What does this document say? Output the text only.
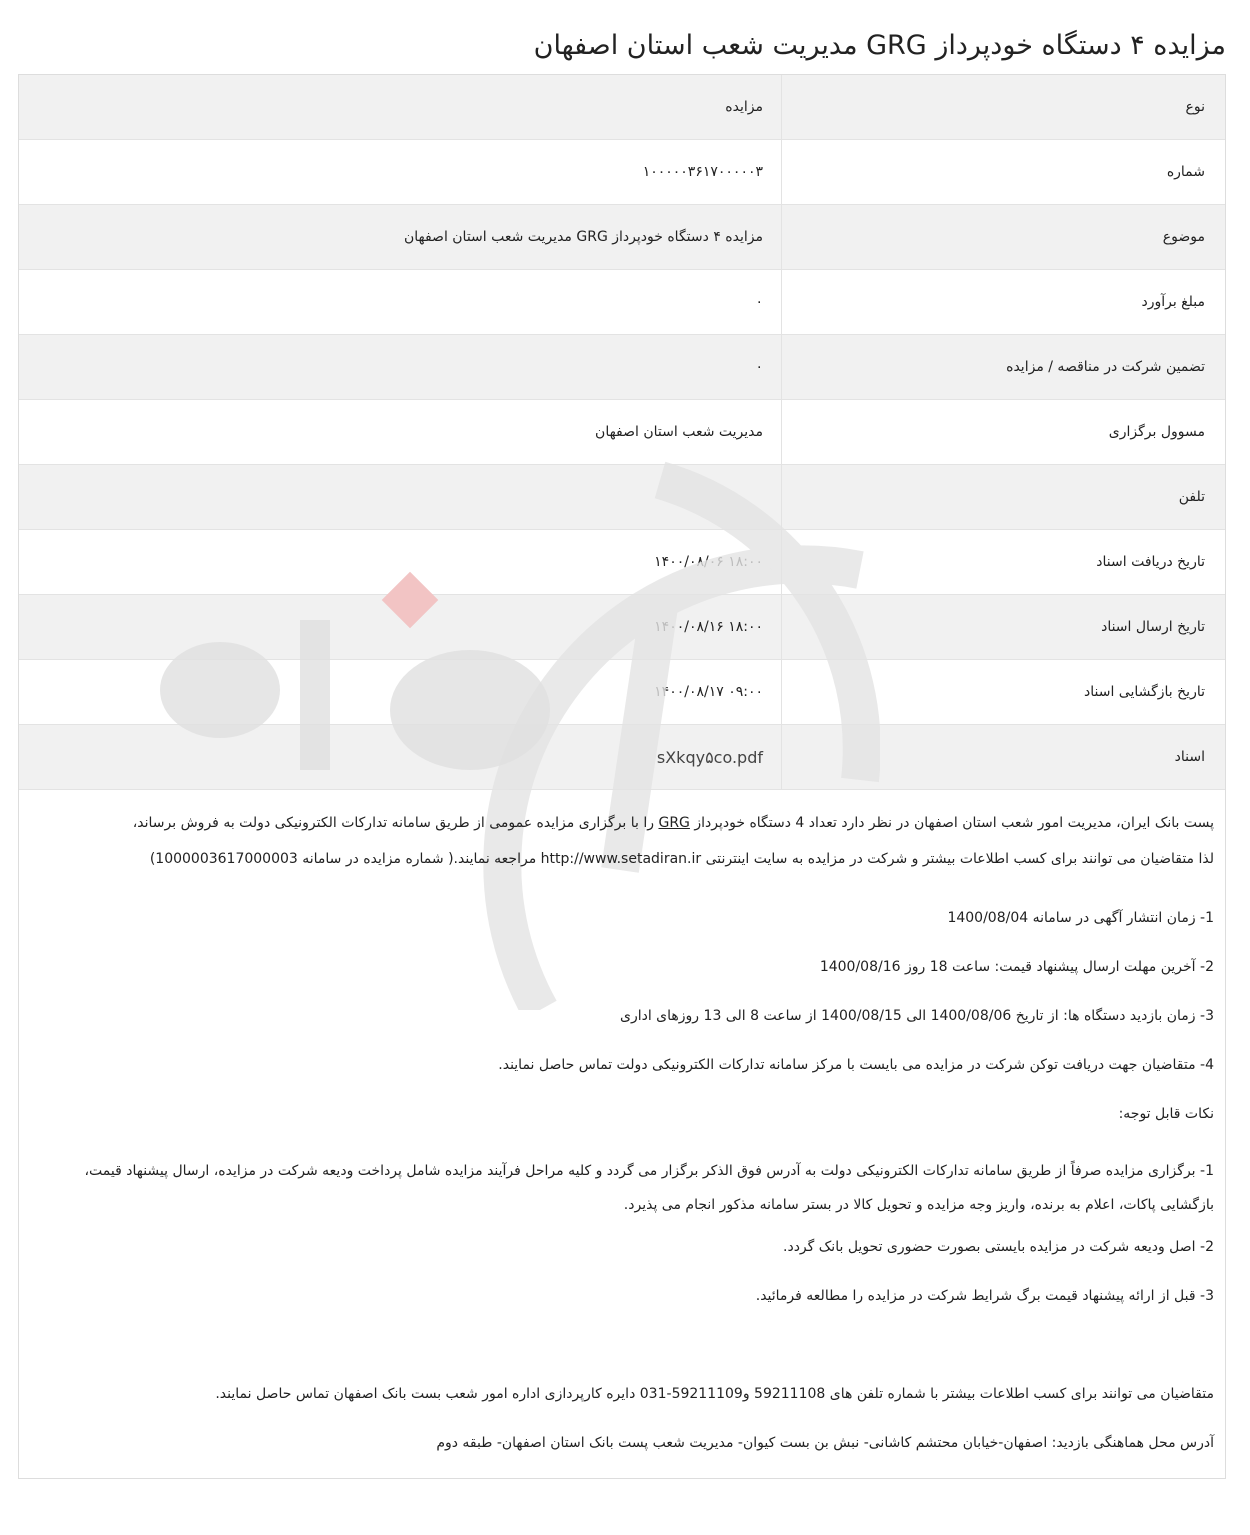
مزایده ۴ دستگاه خودپرداز GRG مدیریت شعب استان اصفهان
نوع	مزایده
شماره	۱۰۰۰۰۰۳۶۱۷۰۰۰۰۰۳
موضوع	مزایده ۴ دستگاه خودپرداز GRG مدیریت شعب استان اصفهان
مبلغ برآورد	۰
تضمین شرکت در مناقصه / مزایده	۰
مسوول برگزاری	مدیریت شعب استان اصفهان
تلفن	
تاریخ دریافت اسناد	۱۸:۰۰ ۱۴۰۰/۰۸/۰۶
تاریخ ارسال اسناد	۱۸:۰۰ ۱۴۰۰/۰۸/۱۶
تاریخ بازگشایی اسناد	۰۹:۰۰ ۱۴۰۰/۰۸/۱۷
اسناد	sXkqy۵co.pdf

پست بانک ایران، مدیریت امور شعب استان اصفهان در نظر دارد تعداد 4 دستگاه خودپرداز GRG را با برگزاری مزایده عمومی از طریق سامانه تدارکات الکترونیکی دولت به فروش برساند،

لذا متقاضیان می توانند برای کسب اطلاعات بیشتر و شرکت در مزایده به سایت اینترنتی http://www.setadiran.ir مراجعه نمایند.( شماره مزایده در سامانه 1000003617000003)

1- زمان انتشار آگهی در سامانه 1400/08/04

2- آخرین مهلت ارسال پیشنهاد قیمت: ساعت 18 روز 1400/08/16

3- زمان بازدید دستگاه ها: از تاریخ 1400/08/06 الی 1400/08/15 از ساعت 8 الی 13 روزهای اداری

4- متقاضیان جهت دریافت توکن شرکت در مزایده می بایست با مرکز سامانه تدارکات الکترونیکی دولت تماس حاصل نمایند.

نکات قابل توجه:

1- برگزاری مزایده صرفاً از طریق سامانه تدارکات الکترونیکی دولت به آدرس فوق الذکر برگزار می گردد و کلیه مراحل فرآیند مزایده شامل پرداخت ودیعه شرکت در مزایده، ارسال پیشنهاد قیمت، بازگشایی پاکات، اعلام به برنده، واریز وجه مزایده و تحویل کالا در بستر سامانه مذکور انجام می پذیرد.

2- اصل ودیعه شرکت در مزایده بایستی بصورت حضوری تحویل بانک گردد.

3- قبل از ارائه پیشنهاد قیمت برگ شرایط شرکت در مزایده را مطالعه فرمائید.

متقاضیان می توانند برای کسب اطلاعات بیشتر با شماره تلفن های 59211108 و59211109-031 دایره کارپردازی اداره امور شعب بست بانک اصفهان تماس حاصل نمایند.

آدرس محل هماهنگی بازدید: اصفهان-خیابان محتشم کاشانی- نبش بن بست کیوان- مدیریت شعب پست بانک استان اصفهان- طبقه دوم
